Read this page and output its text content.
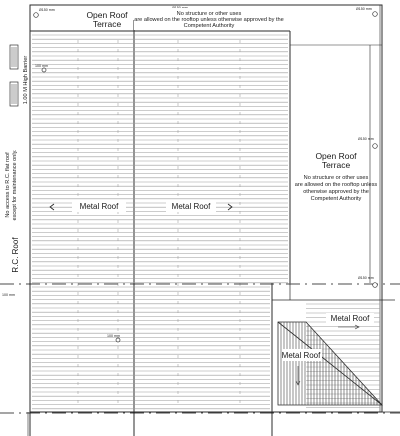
1.00 M High Barrier
Ø150 mm	Ø150 mm
Ø150 mm
Ø150 mm
100 mm
100 mm
100 mm
Open Roof
Terrace
No structure or other uses
are allowed on the rooftop unless otherwise approved by the
Competent Authority
Open Roof
Terrace
No structure or other uses
are allowed on the rooftop unless
otherwise approved by the
Competent Authority
Metal Roof	Metal Roof
Metal Roof
Metal Roof
R.C. Roof
No access to R.C. flat roof except for maintenance only.
